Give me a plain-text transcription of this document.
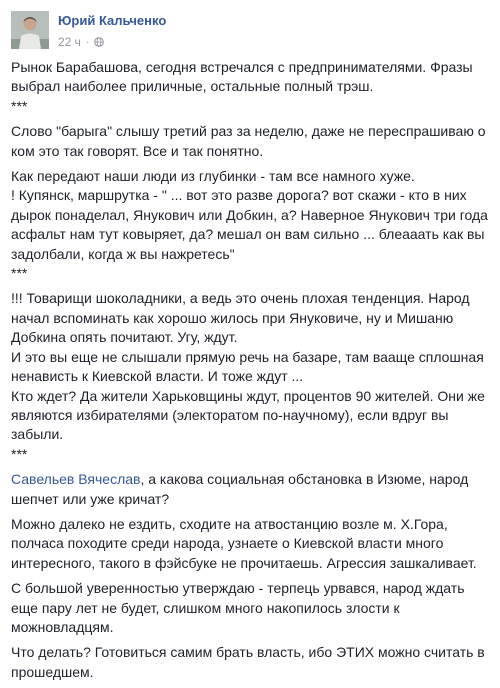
Юрий Кальченко
22 ч ·

Рынок Барабашова, сегодня встречался с предпринимателями. Фразы
выбрал наиболее приличные, остальные полный трэш.
***

Слово "барыга" слышу третий раз за неделю, даже не переспрашиваю о
ком это так говорят. Все и так понятно.

Как передают наши люди из глубинки - там все намного хуже.
! Купянск, маршрутка - " ... вот это разве дорога? вот скажи - кто в них
дырок понаделал, Янукович или Добкин, а? Наверное Янукович три года
асфальт нам тут ковыряет, да? мешал он вам сильно ... блеааать как вы
задолбали, когда ж вы нажретесь"
***

!!! Товарищи шоколадники, а ведь это очень плохая тенденция. Народ
начал вспоминать как хорошо жилось при Януковиче, ну и Мишаню
Добкина опять почитают. Угу, ждут.
И это вы еще не слышали прямую речь на базаре, там вааще сплошная
ненависть к Киевской власти. И тоже ждут ...
Кто ждет? Да жители Харьковщины ждут, процентов 90 жителей. Они же
являются избирателями (электоратом по-научному), если вдруг вы
забыли.
***

Савельев Вячеслав, а какова социальная обстановка в Изюме, народ
шепчет или уже кричат?

Можно далеко не ездить, сходите на атвостанцию возле м. Х.Гора,
полчаса походите среди народа, узнаете о Киевской власти много
интересного, такого в фэйсбуке не прочитаешь. Агрессия зашкаливает.

С большой уверенностью утверждаю - терпець урвався, народ ждать
еще пару лет не будет, слишком много накопилось злости к
можновладцям.

Что делать? Готовиться самим брать власть, ибо ЭТИХ можно считать в
прошедшем.
